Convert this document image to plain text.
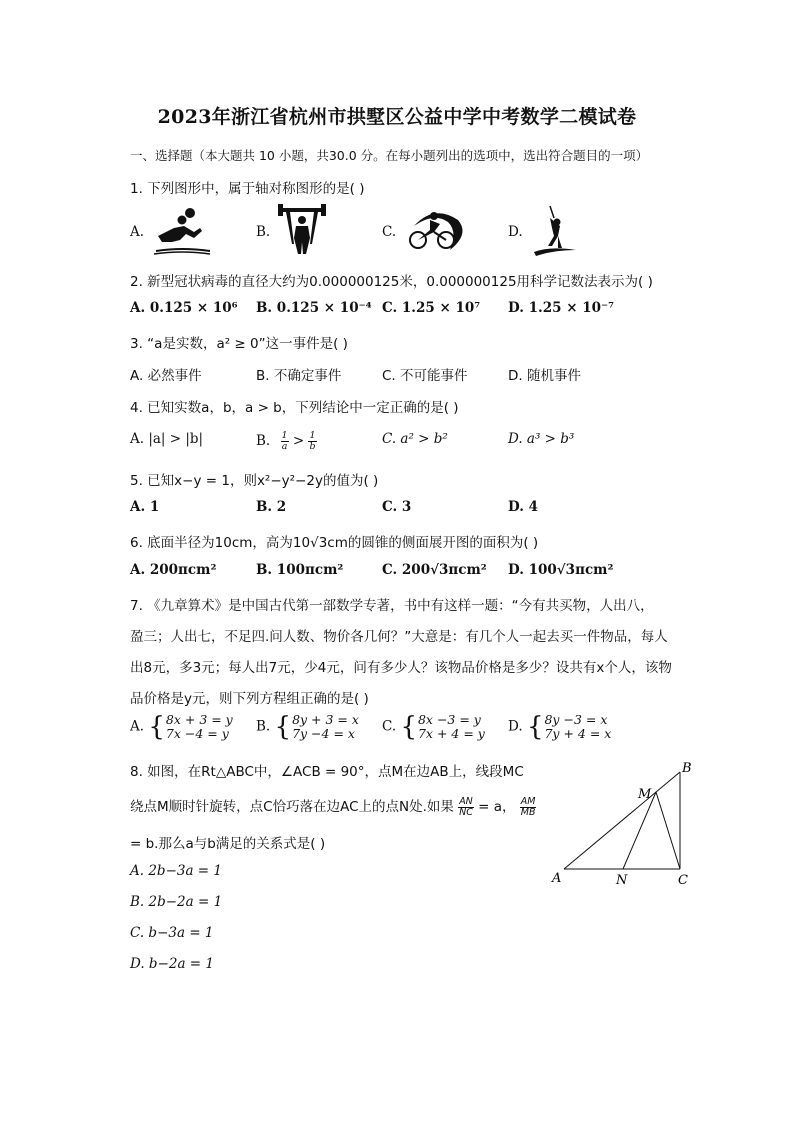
2023年浙江省杭州市拱墅区公益中学中考数学二模试卷
一、选择题（本大题共 10 小题，共30.0 分。在每小题列出的选项中，选出符合题目的一项）
1. 下列图形中，属于轴对称图形的是( )
A.	B.	C.	D.
2. 新型冠状病毒的直径大约为0.000000125米，0.000000125用科学记数法表示为( )
A. 0.125 × 10⁶ B. 0.125 × 10⁻⁴ C. 1.25 × 10⁷ D. 1.25 × 10⁻⁷
3. “a是实数，a² ≥ 0”这一事件是( )
A. 必然事件	B. 不确定事件	C. 不可能事件	D. 随机事件
4. 已知实数a，b，a > b，下列结论中一定正确的是( )
A. |a| > |b|	B. $\frac{1}{a} > \frac{1}{b}$	C. a² > b²	D. a³ > b³
5. 已知x−y = 1，则x²−y²−2y的值为( )
A. 1	B. 2	C. 3	D. 4
6. 底面半径为10cm，高为10√3cm的圆锥的侧面展开图的面积为( )
A. 200πcm²	B. 100πcm²	C. 200√3πcm² D. 100√3πcm²
7. 《九章算术》是中国古代第一部数学专著，书中有这样一题：“今有共买物，人出八，
盈三；人出七，不足四.问人数、物价各几何？”大意是：有几个人一起去买一件物品，每人
出8元，多3元；每人出7元，少4元，问有多少人？该物品价格是多少？设共有x个人，该物
品价格是y元，则下列方程组正确的是( )
A. { 8x + 3 = y
7x −4 = y B. { 8y + 3 = x
7y −4 = x C. { 8x −3 = y
7x + 4 = y D. { 8y −3 = x
7y + 4 = x
8. 如图，在Rt△ABC中，∠ACB = 90°，点M在边AB上，线段MC
绕点M顺时针旋转，点C恰巧落在边AC上的点N处.如果 $\frac{AN}{NC} = a$， $\frac{AM}{MB}$
= b.那么a与b满足的关系式是( )
A. 2b−3a = 1
B. 2b−2a = 1
C. b−3a = 1
D. b−2a = 1
A
B
C
M
N
